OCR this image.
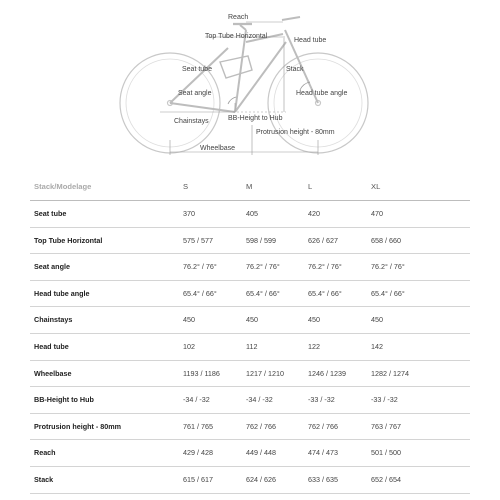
Reach
Top Tube Horizontal
Head tube
Seat tube	Stack
Seat angle	Head tube angle
Chainstays	BB-Height to Hub
Protrusion height - 80mm
Wheelbase
Stack/Modelage	S	M	L	XL
Seat tube	370	405	420	470
Top Tube Horizontal	575 / 577	598 / 599	626 / 627	658 / 660
Seat angle	76.2° / 76°	76.2° / 76°	76.2° / 76°	76.2° / 76°
Head tube angle	65.4° / 66°	65.4° / 66°	65.4° / 66°	65.4° / 66°
Chainstays	450	450	450	450
Head tube	102	112	122	142
Wheelbase	1193 / 1186	1217 / 1210	1246 / 1239	1282 / 1274
BB-Height to Hub	-34 / -32	-34 / -32	-33 / -32	-33 / -32
Protrusion height - 80mm	761 / 765	762 / 766	762 / 766	763 / 767
Reach	429 / 428	449 / 448	474 / 473	501 / 500
Stack	615 / 617	624 / 626	633 / 635	652 / 654
